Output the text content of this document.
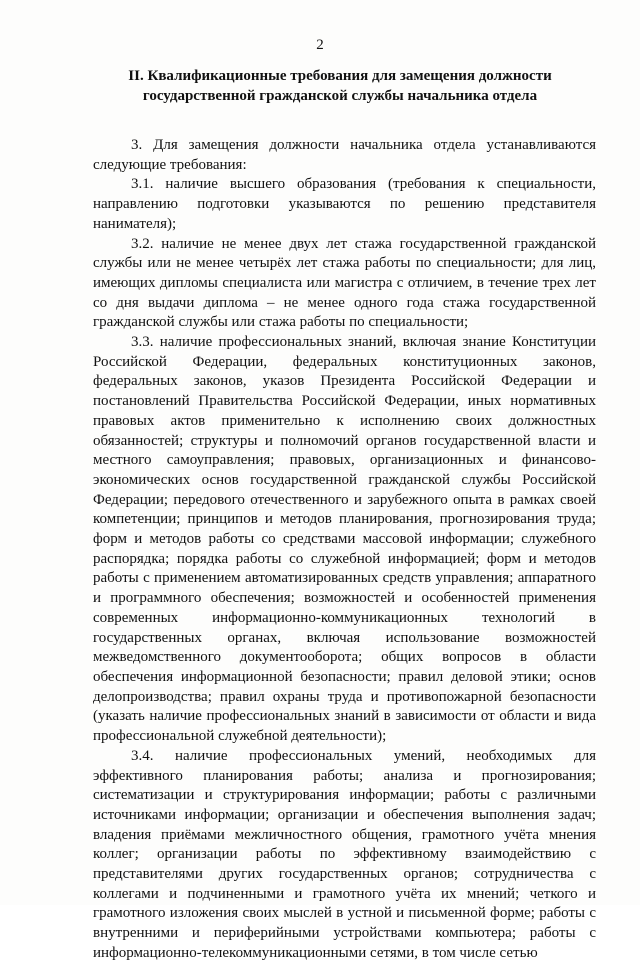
2
II. Квалификационные требования для замещения должности государственной гражданской службы начальника отдела

3. Для замещения должности начальника отдела устанавливаются следующие требования:

3.1. наличие высшего образования (требования к специальности, направлению подготовки указываются по решению представителя нанимателя);

3.2. наличие не менее двух лет стажа государственной гражданской службы или не менее четырёх лет стажа работы по специальности; для лиц, имеющих дипломы специалиста или магистра с отличием, в течение трех лет со дня выдачи диплома – не менее одного года стажа государственной гражданской службы или стажа работы по специальности;

3.3. наличие профессиональных знаний, включая знание Конституции Российской Федерации, федеральных конституционных законов, федеральных законов, указов Президента Российской Федерации и постановлений Правительства Российской Федерации, иных нормативных правовых актов применительно к исполнению своих должностных обязанностей; структуры и полномочий органов государственной власти и местного самоуправления; правовых, организационных и финансово-экономических основ государственной гражданской службы Российской Федерации; передового отечественного и зарубежного опыта в рамках своей компетенции; принципов и методов планирования, прогнозирования труда; форм и методов работы со средствами массовой информации; служебного распорядка; порядка работы со служебной информацией; форм и методов работы с применением автоматизированных средств управления; аппаратного и программного обеспечения; возможностей и особенностей применения современных информационно-коммуникационных технологий в государственных органах, включая использование возможностей межведомственного документооборота; общих вопросов в области обеспечения информационной безопасности; правил деловой этики; основ делопроизводства; правил охраны труда и противопожарной безопасности (указать наличие профессиональных знаний в зависимости от области и вида профессиональной служебной деятельности);

3.4. наличие профессиональных умений, необходимых для эффективного планирования работы; анализа и прогнозирования; систематизации и структурирования информации; работы с различными источниками информации; организации и обеспечения выполнения задач; владения приёмами межличностного общения, грамотного учёта мнения коллег; организации работы по эффективному взаимодействию с представителями других государственных органов; сотрудничества с коллегами и подчиненными и грамотного учёта их мнений; четкого и грамотного изложения своих мыслей в устной и письменной форме; работы с внутренними и периферийными устройствами компьютера; работы с информационно-телекоммуникационными сетями, в том числе сетью
